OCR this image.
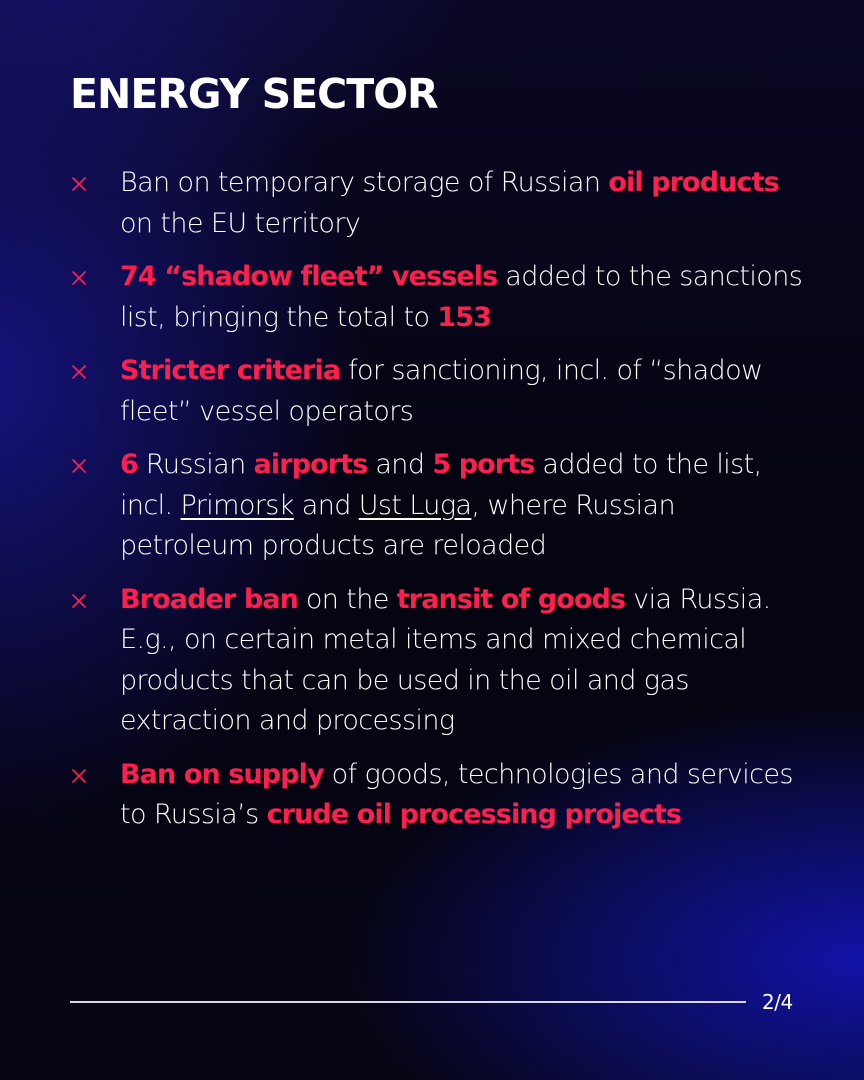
ENERGY SECTOR
Ban on temporary storage of Russian oil products on the EU territory
74 “shadow fleet” vessels added to the sanctions list, bringing the total to 153
Stricter criteria for sanctioning, incl. of “shadow fleet” vessel operators
6 Russian airports and 5 ports added to the list, incl. Primorsk and Ust Luga, where Russian petroleum products are reloaded
Broader ban on the transit of goods via Russia. E.g., on certain metal items and mixed chemical products that can be used in the oil and gas extraction and processing
Ban on supply of goods, technologies and services to Russia’s crude oil processing projects
2/4
